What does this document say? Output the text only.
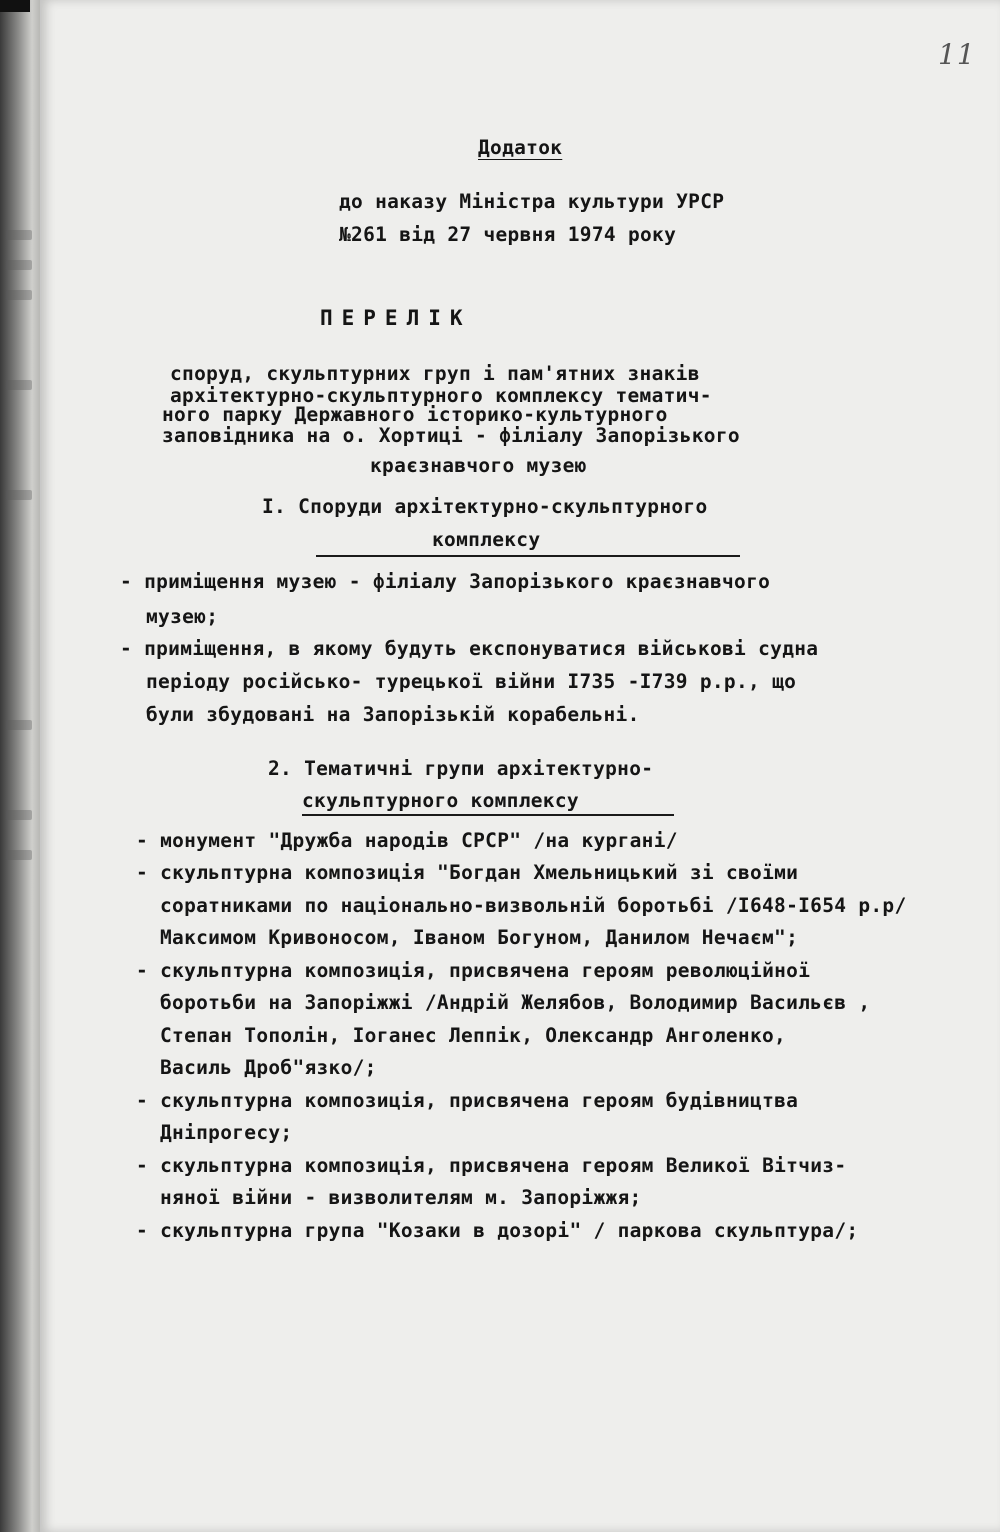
11
Додаток
до наказу Міністра культури УРСР
№261 від 27 червня 1974 року
ПЕРЕЛІК
споруд, скульптурних груп і пам'ятних знаків
архітектурно-скульптурного комплексу тематич-
ного парку Державного історико-культурного
заповідника на о. Хортиці - філіалу Запорізького
краєзнавчого музею
I. Споруди архітектурно-скульптурного
комплексу
- приміщення музею - філіалу Запорізького краєзнавчого
музею;
- приміщення, в якому будуть експонуватися військові судна
періоду російсько- турецької війни I735 -I739 р.р., що
були збудовані на Запорізькій корабельні.
2. Тематичні групи архітектурно-
скульптурного комплексу
- монумент "Дружба народів СРСР" /на кургані/
- скульптурна композиція "Богдан Хмельницький зі своїми
соратниками по національно-визвольній боротьбі /I648-I654 р.р/
Максимом Кривоносом, Іваном Богуном, Данилом Нечаєм";
- скульптурна композиція, присвячена героям революційної
боротьби на Запоріжжі /Андрій Желябов, Володимир Васильєв ,
Степан Тополін, Іоганес Леппік, Олександр Анголенко,
Василь Дроб"язко/;
- скульптурна композиція, присвячена героям будівництва
Дніпрогесу;
- скульптурна композиція, присвячена героям Великої Вітчиз-
няної війни - визволителям м. Запоріжжя;
- скульптурна група "Козаки в дозорі" / паркова скульптура/;
